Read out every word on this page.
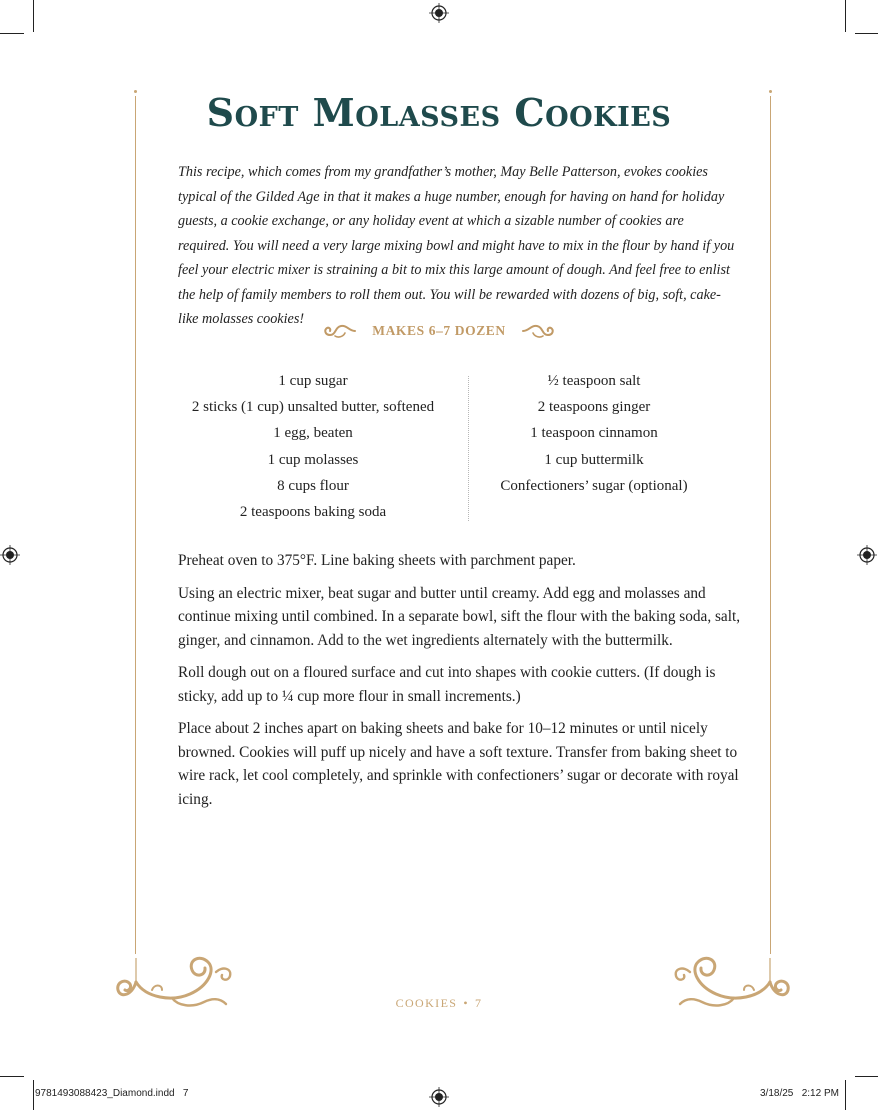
Soft Molasses Cookies
This recipe, which comes from my grandfather’s mother, May Belle Patterson, evokes cookies typical of the Gilded Age in that it makes a huge number, enough for having on hand for holiday guests, a cookie exchange, or any holiday event at which a sizable number of cookies are required. You will need a very large mixing bowl and might have to mix in the flour by hand if you feel your electric mixer is straining a bit to mix this large amount of dough. And feel free to enlist the help of family members to roll them out. You will be rewarded with dozens of big, soft, cake-like molasses cookies!
MAKES 6–7 DOZEN
1 cup sugar
2 sticks (1 cup) unsalted butter, softened
1 egg, beaten
1 cup molasses
8 cups flour
2 teaspoons baking soda
½ teaspoon salt
2 teaspoons ginger
1 teaspoon cinnamon
1 cup buttermilk
Confectioners’ sugar (optional)

Preheat oven to 375°F. Line baking sheets with parchment paper.

Using an electric mixer, beat sugar and butter until creamy. Add egg and molasses and continue mixing until combined. In a separate bowl, sift the flour with the baking soda, salt, ginger, and cinnamon. Add to the wet ingredients alternately with the buttermilk.

Roll dough out on a floured surface and cut into shapes with cookie cutters. (If dough is sticky, add up to ¼ cup more flour in small increments.)

Place about 2 inches apart on baking sheets and bake for 10–12 minutes or until nicely browned. Cookies will puff up nicely and have a soft texture. Transfer from baking sheet to wire rack, let cool completely, and sprinkle with confectioners’ sugar or decorate with royal icing.

COOKIES • 7
9781493088423_Diamond.indd   7	3/18/25   2:12 PM
